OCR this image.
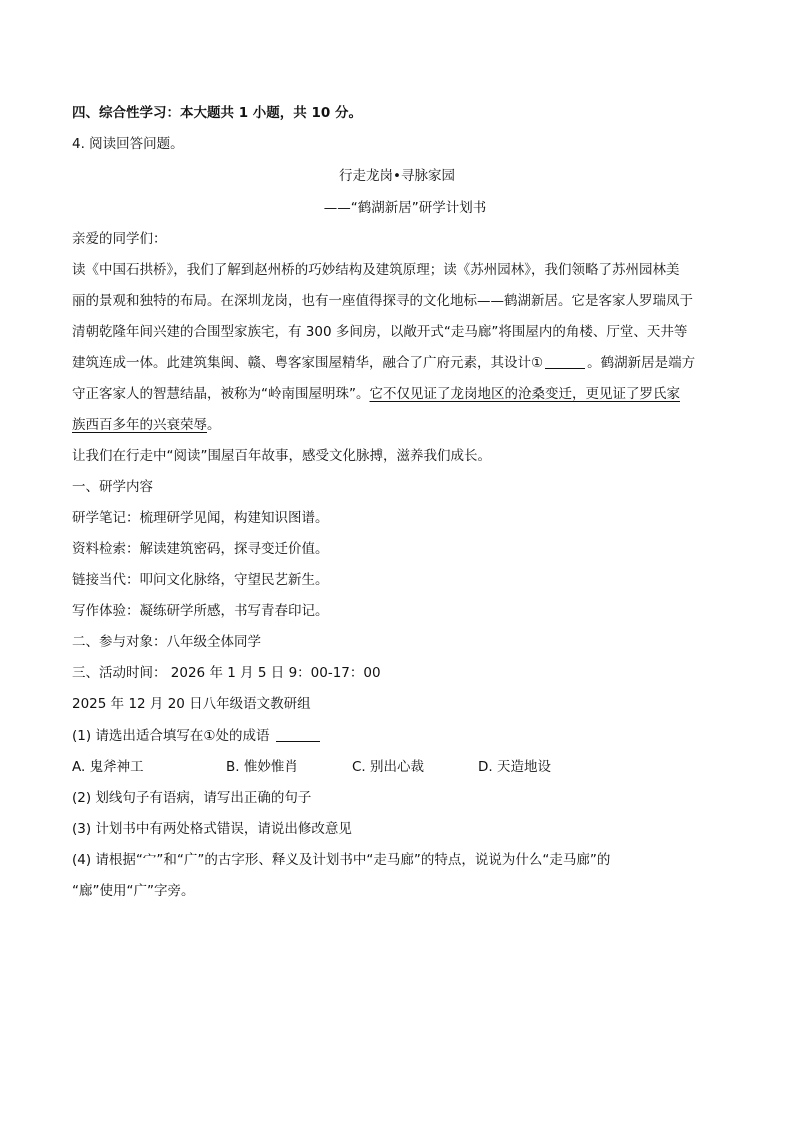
四、综合性学习：本大题共 1 小题，共 10 分。
4. 阅读回答问题。
行走龙岗•寻脉家园
——“鹤湖新居”研学计划书
亲爱的同学们：
读《中国石拱桥》，我们了解到赵州桥的巧妙结构及建筑原理；读《苏州园林》，我们领略了苏州园林美
丽的景观和独特的布局。在深圳龙岗，也有一座值得探寻的文化地标——鹤湖新居。它是客家人罗瑞凤于
清朝乾隆年间兴建的合围型家族宅，有 300 多间房，以敞开式“走马廊”将围屋内的角楼、厅堂、天井等
建筑连成一体。此建筑集闽、赣、粤客家围屋精华，融合了广府元素，其设计①	。鹤湖新居是端方
守正客家人的智慧结晶，被称为“岭南围屋明珠”。它不仅见证了龙岗地区的沧桑变迁，更见证了罗氏家
族西百多年的兴衰荣辱。
让我们在行走中“阅读”围屋百年故事，感受文化脉搏，滋养我们成长。
一、研学内容
研学笔记：梳理研学见闻，构建知识图谱。
资料检索：解读建筑密码，探寻变迁价值。
链接当代：叩问文化脉络，守望民艺新生。
写作体验：凝练研学所感，书写青春印记。
二、参与对象：八年级全体同学
三、活动时间： 2026 年 1 月 5 日 9：00-17：00
2025 年 12 月 20 日八年级语文教研组
(1) 请选出适合填写在①处的成语
A. 鬼斧神工	B. 惟妙惟肖	C. 别出心裁	D. 天造地设
(2) 划线句子有语病，请写出正确的句子
(3) 计划书中有两处格式错误，请说出修改意见
(4) 请根据“宀”和“广”的古字形、释义及计划书中“走马廊”的特点，说说为什么“走马廊”的
“廊”使用“广”字旁。
